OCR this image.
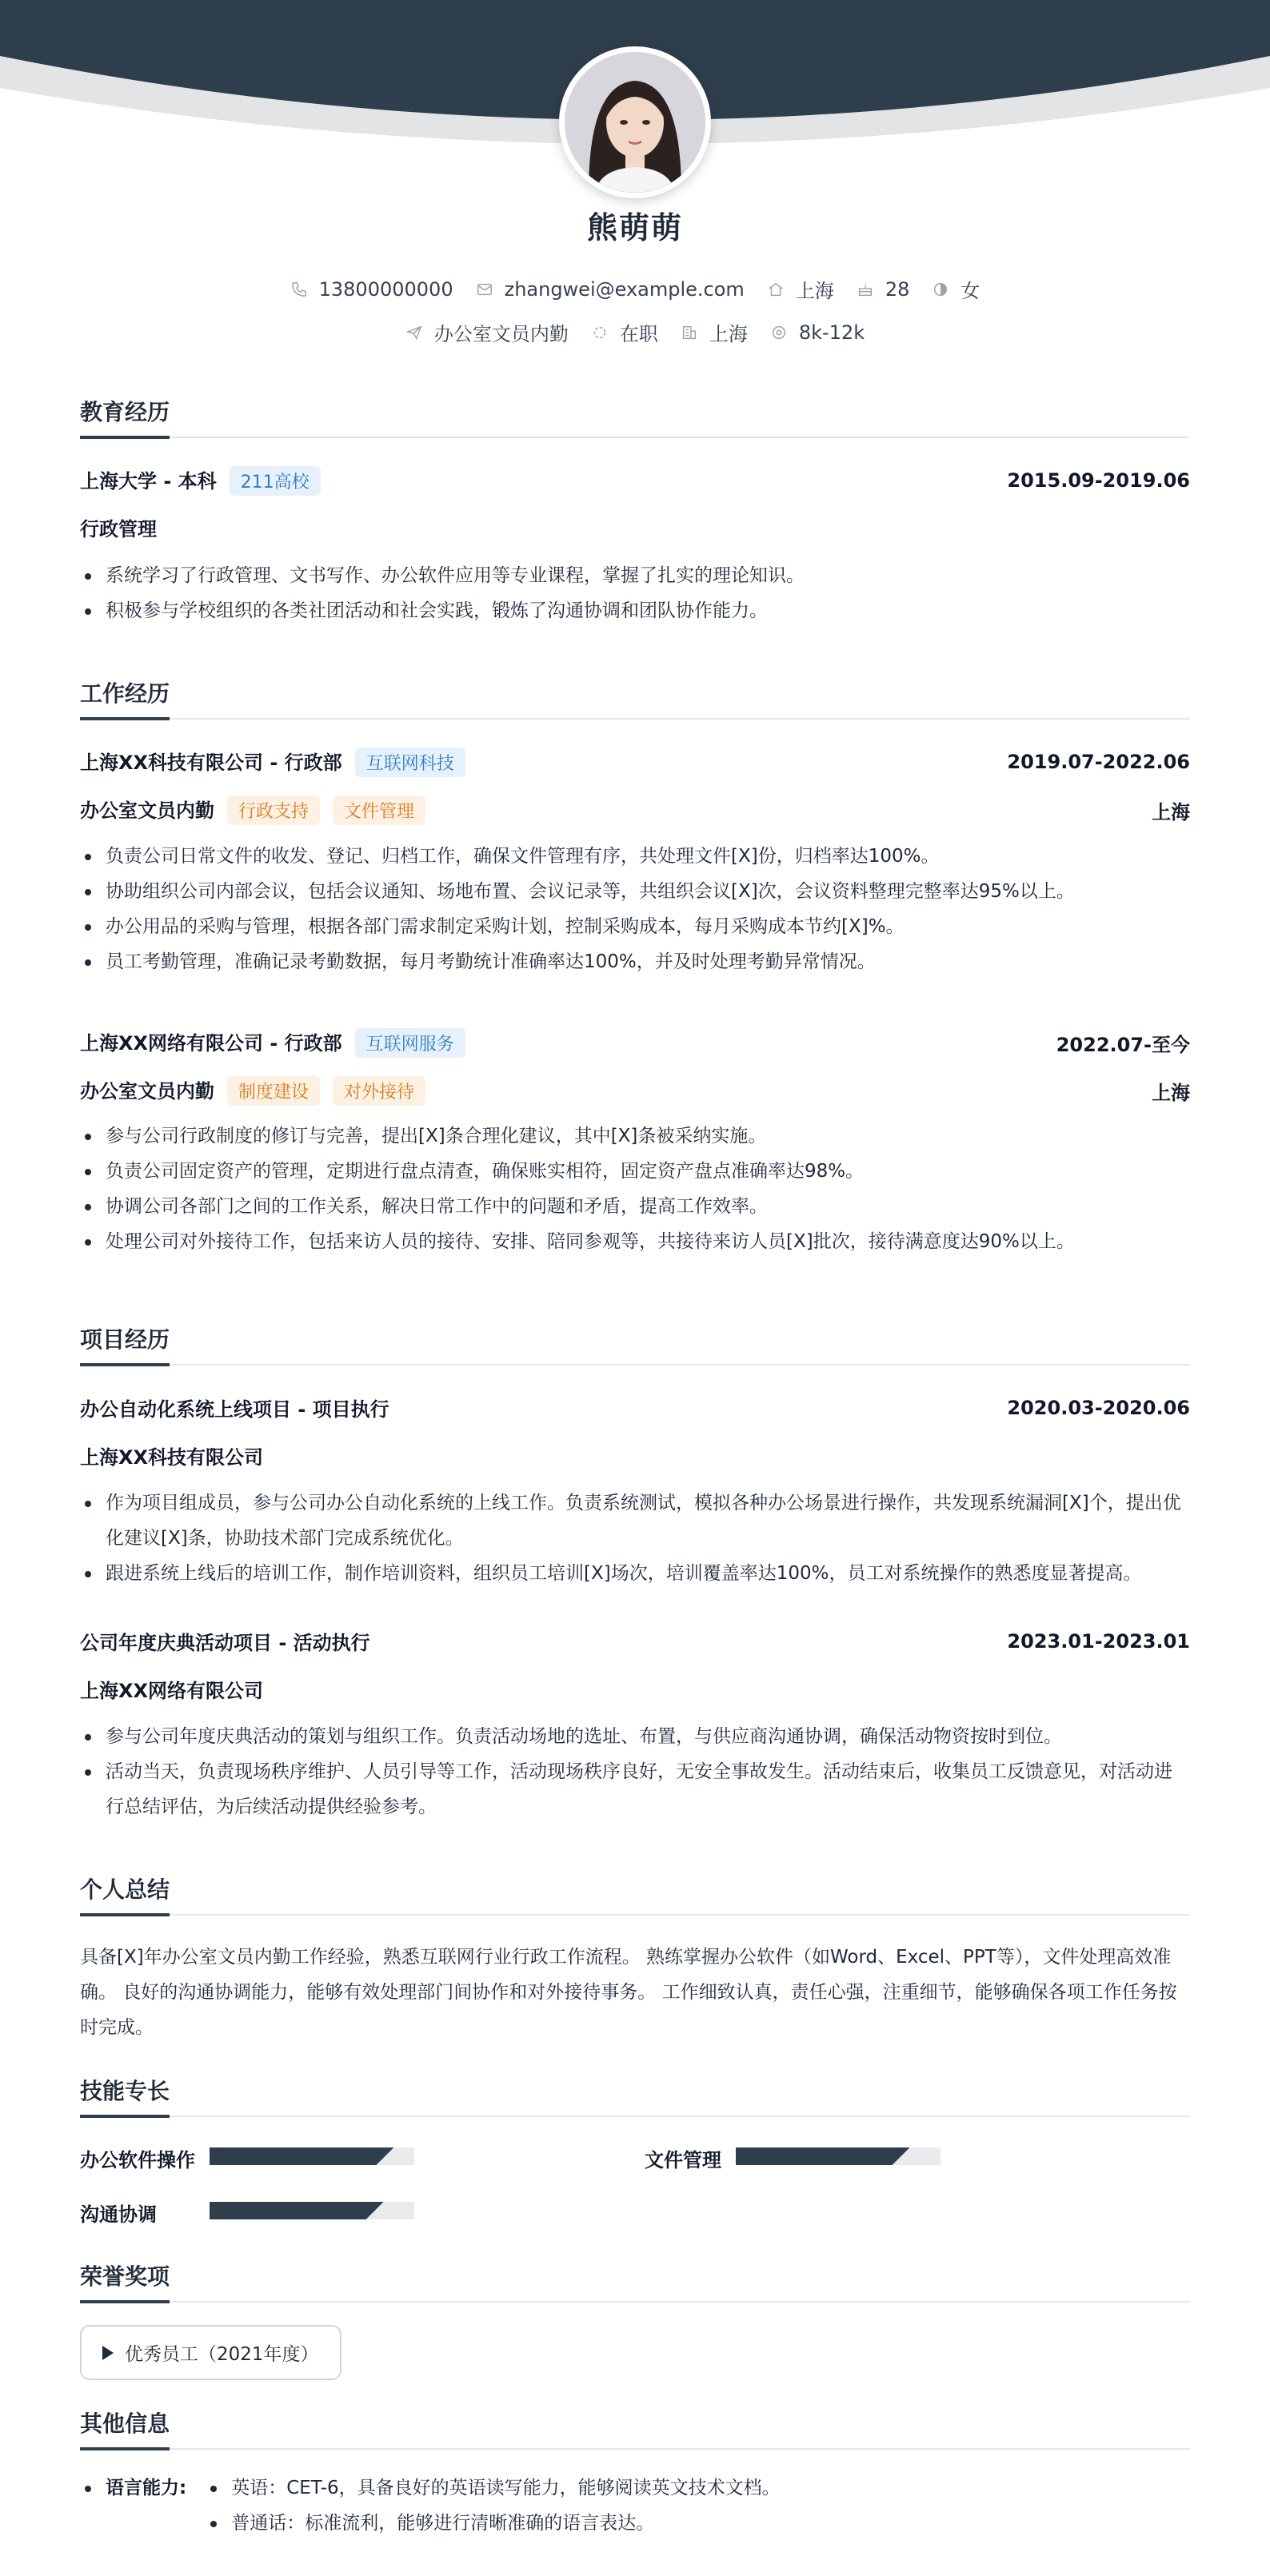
熊萌萌
13800000000	zhangwei@example.com	上海	28	女
办公室文员内勤	在职	上海	8k-12k
教育经历
上海大学 - 本科 211高校	2015.09-2019.06
行政管理
系统学习了行政管理、文书写作、办公软件应用等专业课程，掌握了扎实的理论知识。
积极参与学校组织的各类社团活动和社会实践，锻炼了沟通协调和团队协作能力。
工作经历
上海XX科技有限公司 - 行政部 互联网科技	2019.07-2022.06
办公室文员内勤 行政支持 文件管理	上海
负责公司日常文件的收发、登记、归档工作，确保文件管理有序，共处理文件[X]份，归档率达100%。
协助组织公司内部会议，包括会议通知、场地布置、会议记录等，共组织会议[X]次，会议资料整理完整率达95%以上。
办公用品的采购与管理，根据各部门需求制定采购计划，控制采购成本，每月采购成本节约[X]%。
员工考勤管理，准确记录考勤数据，每月考勤统计准确率达100%，并及时处理考勤异常情况。
上海XX网络有限公司 - 行政部 互联网服务	2022.07-至今
办公室文员内勤 制度建设 对外接待	上海
参与公司行政制度的修订与完善，提出[X]条合理化建议，其中[X]条被采纳实施。
负责公司固定资产的管理，定期进行盘点清查，确保账实相符，固定资产盘点准确率达98%。
协调公司各部门之间的工作关系，解决日常工作中的问题和矛盾，提高工作效率。
处理公司对外接待工作，包括来访人员的接待、安排、陪同参观等，共接待来访人员[X]批次，接待满意度达90%以上。
项目经历
办公自动化系统上线项目 - 项目执行	2020.03-2020.06
上海XX科技有限公司
作为项目组成员，参与公司办公自动化系统的上线工作。负责系统测试，模拟各种办公场景进行操作，共发现系统漏洞[X]个，提出优化建议[X]条，协助技术部门完成系统优化。
跟进系统上线后的培训工作，制作培训资料，组织员工培训[X]场次，培训覆盖率达100%，员工对系统操作的熟悉度显著提高。
公司年度庆典活动项目 - 活动执行	2023.01-2023.01
上海XX网络有限公司
参与公司年度庆典活动的策划与组织工作。负责活动场地的选址、布置，与供应商沟通协调，确保活动物资按时到位。
活动当天，负责现场秩序维护、人员引导等工作，活动现场秩序良好，无安全事故发生。活动结束后，收集员工反馈意见，对活动进行总结评估，为后续活动提供经验参考。
个人总结
具备[X]年办公室文员内勤工作经验，熟悉互联网行业行政工作流程。 熟练掌握办公软件（如Word、Excel、PPT等），文件处理高效准确。 良好的沟通协调能力，能够有效处理部门间协作和对外接待事务。 工作细致认真，责任心强，注重细节，能够确保各项工作任务按时完成。
技能专长
办公软件操作	文件管理
沟通协调
荣誉奖项
优秀员工（2021年度）
其他信息
语言能力:	英语：CET-6，具备良好的英语读写能力，能够阅读英文技术文档。
普通话：标准流利，能够进行清晰准确的语言表达。
